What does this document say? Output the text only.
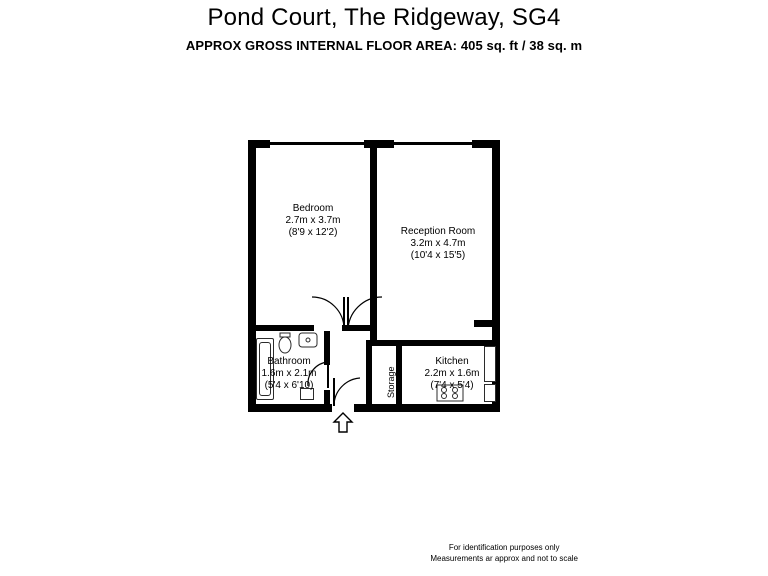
Pond Court, The Ridgeway, SG4
APPROX GROSS INTERNAL FLOOR AREA: 405 sq. ft / 38 sq. m
Bedroom
2.7m x 3.7m
(8'9 x 12'2)	Reception Room
3.2m x 4.7m
(10'4 x 15'5)
Bathroom
1.6m x 2.1m
(5'4 x 6'10)
Kitchen
2.2m x 1.6m
(7'4 x 5'4)
Storage
For identification purposes only
Measurements ar approx and not to scale
